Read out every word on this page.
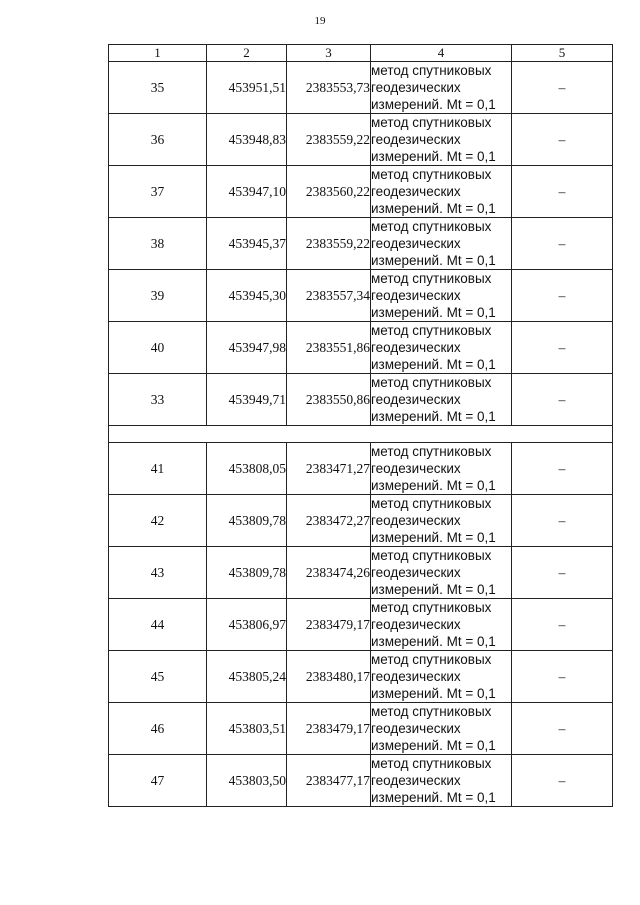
19
1	2	3	4	5
35	453951,51	2383553,73	метод спутниковых
геодезических
измерений. Mt = 0,1	–
36	453948,83	2383559,22	метод спутниковых
геодезических
измерений. Mt = 0,1	–
37	453947,10	2383560,22	метод спутниковых
геодезических
измерений. Mt = 0,1	–
38	453945,37	2383559,22	метод спутниковых
геодезических
измерений. Mt = 0,1	–
39	453945,30	2383557,34	метод спутниковых
геодезических
измерений. Mt = 0,1	–
40	453947,98	2383551,86	метод спутниковых
геодезических
измерений. Mt = 0,1	–
33	453949,71	2383550,86	метод спутниковых
геодезических
измерений. Mt = 0,1	–

41	453808,05	2383471,27	метод спутниковых
геодезических
измерений. Mt = 0,1	–
42	453809,78	2383472,27	метод спутниковых
геодезических
измерений. Mt = 0,1	–
43	453809,78	2383474,26	метод спутниковых
геодезических
измерений. Mt = 0,1	–
44	453806,97	2383479,17	метод спутниковых
геодезических
измерений. Mt = 0,1	–
45	453805,24	2383480,17	метод спутниковых
геодезических
измерений. Mt = 0,1	–
46	453803,51	2383479,17	метод спутниковых
геодезических
измерений. Mt = 0,1	–
47	453803,50	2383477,17	метод спутниковых
геодезических
измерений. Mt = 0,1	–
